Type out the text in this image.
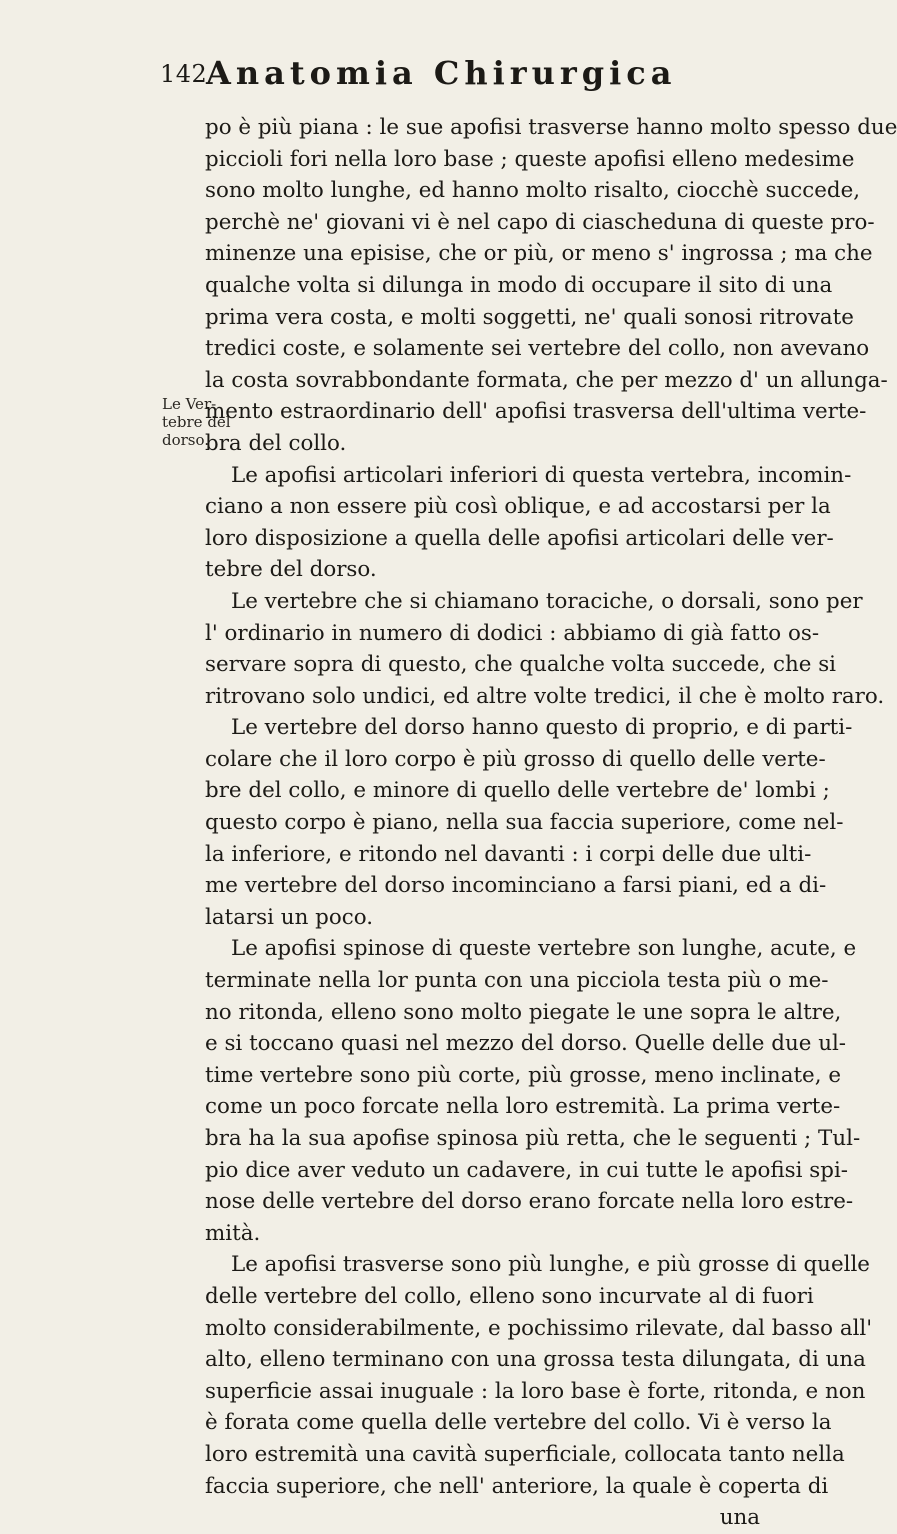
142
Anatomia Chirurgica
Le Ver-
tebre del
dorso.
po è più piana : le sue apofisi trasverse hanno molto spesso due
piccioli fori nella loro base ; queste apofisi elleno medesime
sono molto lunghe, ed hanno molto risalto, ciocchè succede,
perchè ne' giovani vi è nel capo di ciascheduna di queste pro-
minenze una episise, che or più, or meno s' ingrossa ; ma che
qualche volta si dilunga in modo di occupare il sito di una
prima vera costa, e molti soggetti, ne' quali sonosi ritrovate
tredici coste, e solamente sei vertebre del collo, non avevano
la costa sovrabbondante formata, che per mezzo d' un allunga-
mento estraordinario dell' apofisi trasversa dell'ultima verte-
bra del collo.
Le apofisi articolari inferiori di questa vertebra, incomin-
ciano a non essere più così oblique, e ad accostarsi per la
loro disposizione a quella delle apofisi articolari delle ver-
tebre del dorso.
Le vertebre che si chiamano toraciche, o dorsali, sono per
l' ordinario in numero di dodici : abbiamo di già fatto os-
servare sopra di questo, che qualche volta succede, che si
ritrovano solo undici, ed altre volte tredici, il che è molto raro.
Le vertebre del dorso hanno questo di proprio, e di parti-
colare che il loro corpo è più grosso di quello delle verte-
bre del collo, e minore di quello delle vertebre de' lombi ;
questo corpo è piano, nella sua faccia superiore, come nel-
la inferiore, e ritondo nel davanti : i corpi delle due ulti-
me vertebre del dorso incominciano a farsi piani, ed a di-
latarsi un poco.
Le apofisi spinose di queste vertebre son lunghe, acute, e
terminate nella lor punta con una picciola testa più o me-
no ritonda, elleno sono molto piegate le une sopra le altre,
e si toccano quasi nel mezzo del dorso. Quelle delle due ul-
time vertebre sono più corte, più grosse, meno inclinate, e
come un poco forcate nella loro estremità. La prima verte-
bra ha la sua apofise spinosa più retta, che le seguenti ; Tul-
pio dice aver veduto un cadavere, in cui tutte le apofisi spi-
nose delle vertebre del dorso erano forcate nella loro estre-
mità.
Le apofisi trasverse sono più lunghe, e più grosse di quelle
delle vertebre del collo, elleno sono incurvate al di fuori
molto considerabilmente, e pochissimo rilevate, dal basso all'
alto, elleno terminano con una grossa testa dilungata, di una
superficie assai inuguale : la loro base è forte, ritonda, e non
è forata come quella delle vertebre del collo. Vi è verso la
loro estremità una cavità superficiale, collocata tanto nella
faccia superiore, che nell' anteriore, la quale è coperta di
una
